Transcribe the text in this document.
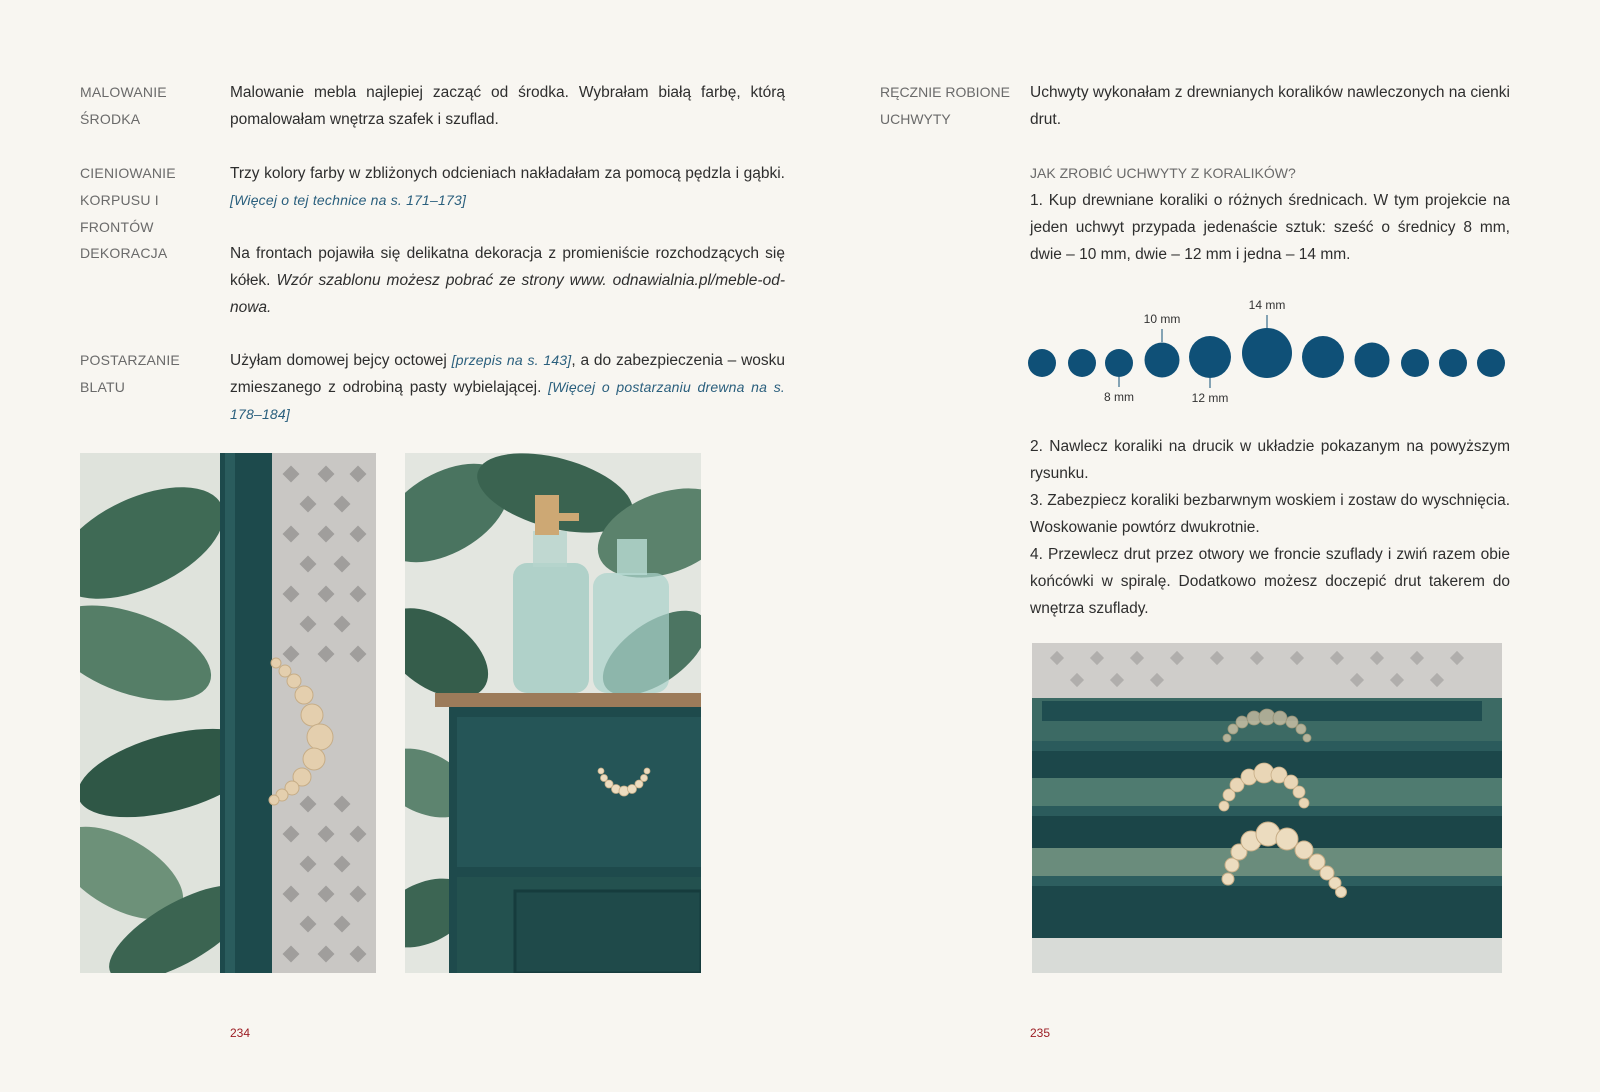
MALOWANIE ŚRODKA
Malowanie mebla najlepiej zacząć od środka. Wybrałam białą farbę, którą pomalowałam wnętrza szafek i szuflad.
CIENIOWANIE
KORPUSU I FRONTÓW
Trzy kolory farby w zbliżonych odcieniach nakładałam za pomocą pędzla i gąbki. [Więcej o tej technice na s. 171–173]
DEKORACJA	Na frontach pojawiła się delikatna dekoracja z promieniście rozchodzących się kółek. Wzór szablonu możesz pobrać ze strony www. odnawialnia.pl/meble-od-nowa.
POSTARZANIE BLATU
Użyłam domowej bejcy octowej [przepis na s. 143], a do zabezpieczenia – wosku zmieszanego z odrobiną pasty wybielającej. [Więcej o postarzaniu drewna na s. 178–184]
234
RĘCZNIE ROBIONE
UCHWYTY
Uchwyty wykonałam z drewnianych koralików nawleczonych na cienki drut.
JAK ZROBIĆ UCHWYTY Z KORALIKÓW?
1. Kup drewniane koraliki o różnych średnicach. W tym projekcie na jeden uchwyt przypada jedenaście sztuk: sześć o średnicy 8 mm, dwie – 10 mm, dwie – 12 mm i jedna – 14 mm.
8 mm
10 mm
12 mm
14 mm
2. Nawlecz koraliki na drucik w układzie pokazanym na powyższym rysunku.
3. Zabezpiecz koraliki bezbarwnym woskiem i zostaw do wyschnięcia. Woskowanie powtórz dwukrotnie.
4. Przewlecz drut przez otwory we froncie szuflady i zwiń razem obie końcówki w spiralę. Dodatkowo możesz doczepić drut takerem do wnętrza szuflady.
235
